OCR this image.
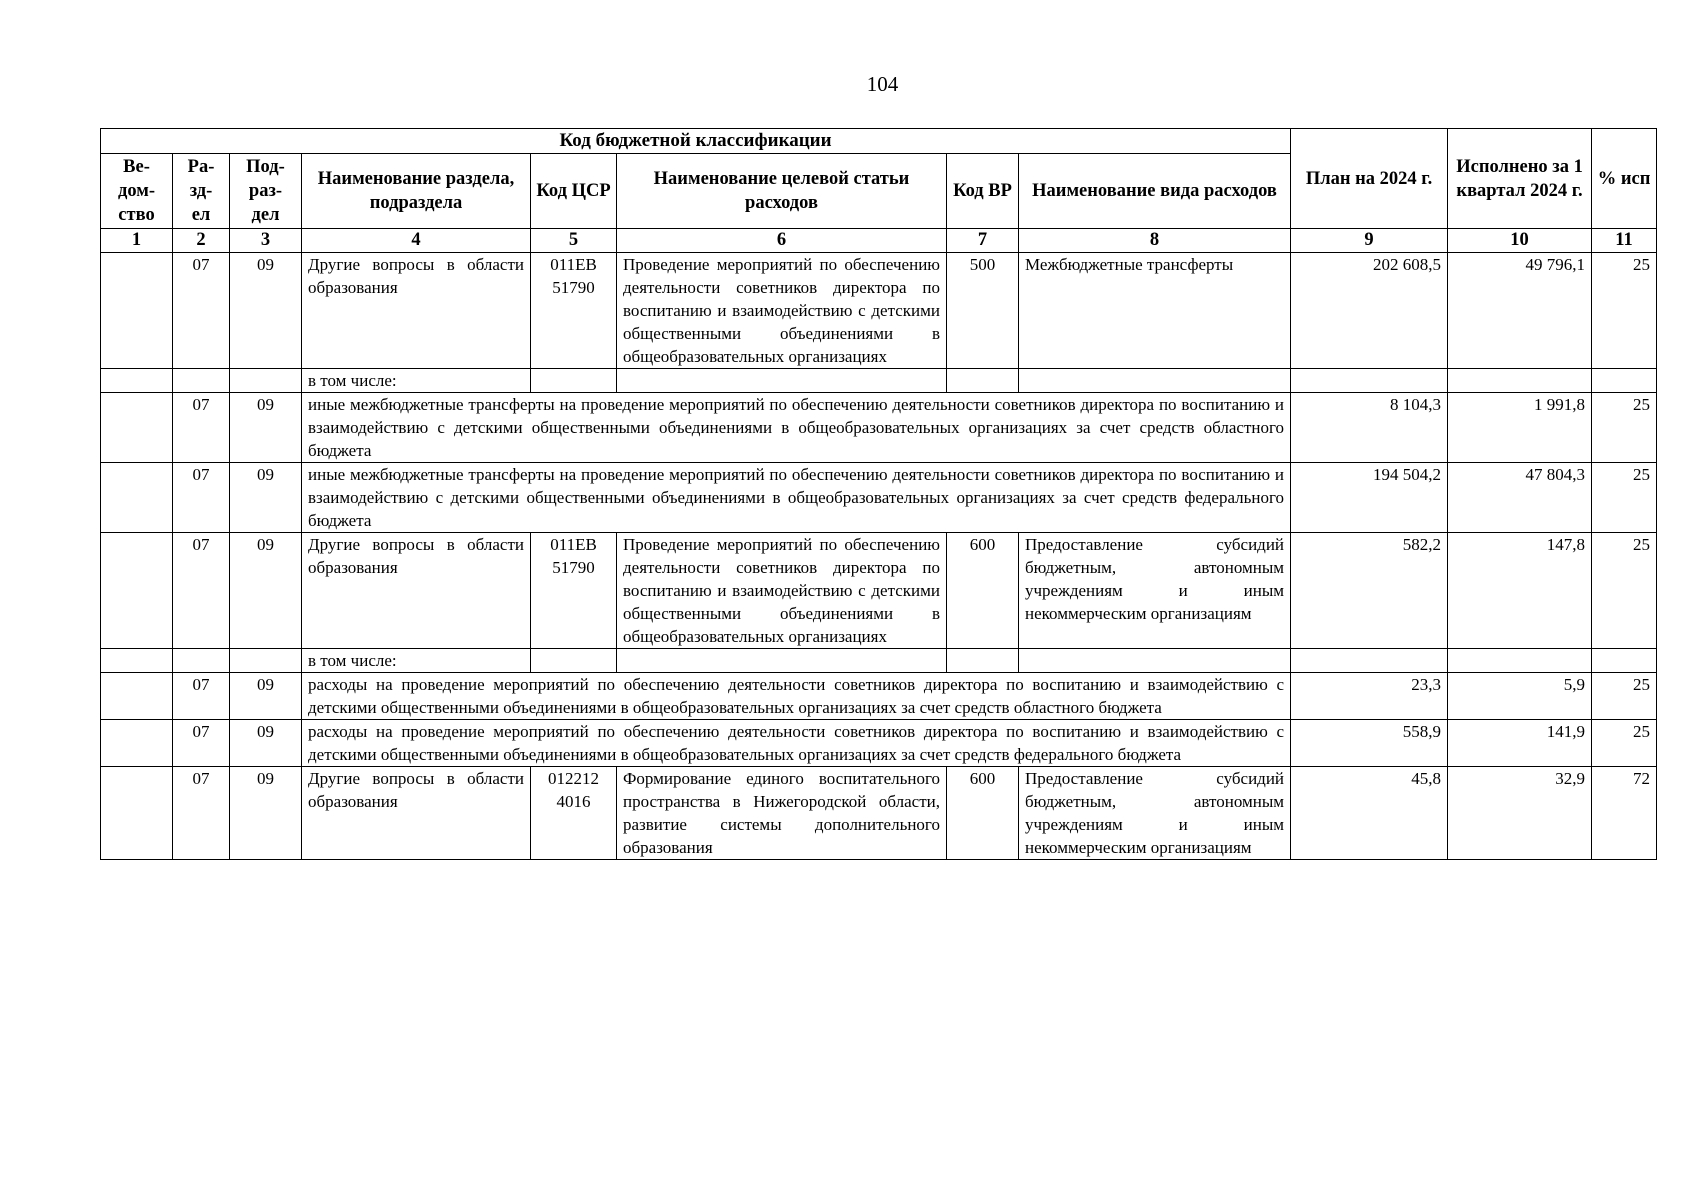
104
Код бюджетной классификации								План на 2024 г.	Исполнено за 1 квартал 2024 г.	% исп
Ве-
дом-
ство	Ра-
зд-
ел	Под-
раз-
дел	Наименование раздела, подраздела	Код ЦСР	Наименование целевой статьи расходов	Код ВР	Наименование вида расходов			
1	2	3	4	5	6	7	8	9	10	11
	07	09	Другие вопросы в области образования	011EB 51790	Проведение мероприятий по обеспечению деятельности советников директора по воспитанию и взаимодействию с детскими общественными объединениями в общеобразовательных организациях	500	Межбюджетные трансферты	202 608,5	49 796,1	25
			в том числе:							
	07	09	иные межбюджетные трансферты на проведение мероприятий по обеспечению деятельности советников директора по воспитанию и взаимодействию с детскими общественными объединениями в общеобразовательных организациях за счет средств областного бюджета					8 104,3	1 991,8	25
	07	09	иные межбюджетные трансферты на проведение мероприятий по обеспечению деятельности советников директора по воспитанию и взаимодействию с детскими общественными объединениями в общеобразовательных организациях за счет средств федерального бюджета					194 504,2	47 804,3	25
	07	09	Другие вопросы в области образования	011EB 51790	Проведение мероприятий по обеспечению деятельности советников директора по воспитанию и взаимодействию с детскими общественными объединениями в общеобразовательных организациях	600	Предоставление субсидий бюджетным, автономным учреждениям и иным некоммерческим организациям	582,2	147,8	25
			в том числе:							
	07	09	расходы на проведение мероприятий по обеспечению деятельности советников директора по воспитанию и взаимодействию с детскими общественными объединениями в общеобразовательных организациях за счет средств областного бюджета					23,3	5,9	25
	07	09	расходы на проведение мероприятий по обеспечению деятельности советников директора по воспитанию и взаимодействию с детскими общественными объединениями в общеобразовательных организациях за счет средств федерального бюджета					558,9	141,9	25
	07	09	Другие вопросы в области образования	012212 4016	Формирование единого воспитательного пространства в Нижегородской области, развитие системы дополнительного образования	600	Предоставление субсидий бюджетным, автономным учреждениям и иным некоммерческим организациям	45,8	32,9	72
